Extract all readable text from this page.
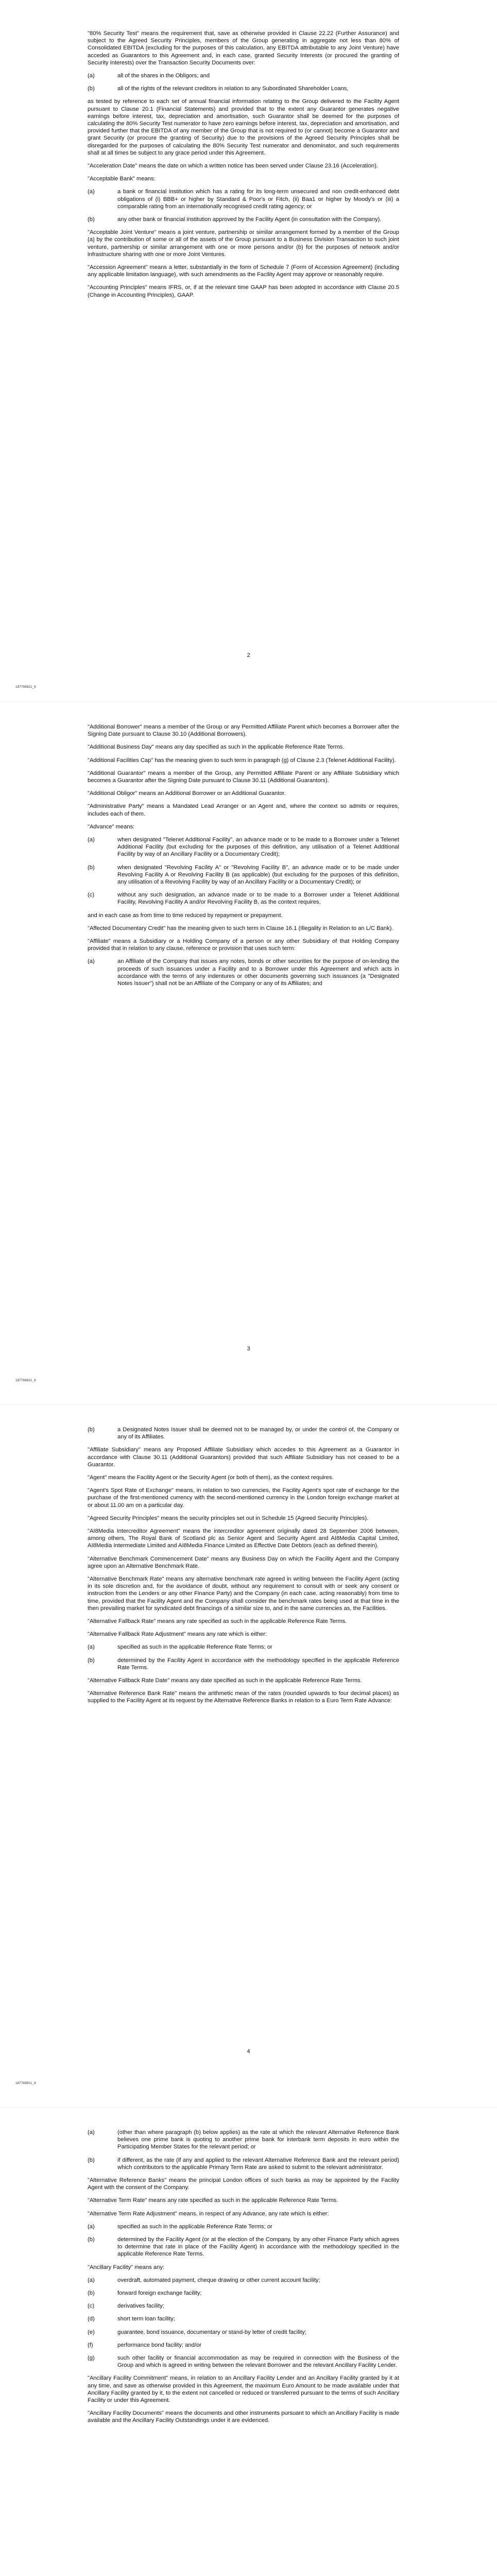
"80% Security Test" means the requirement that, save as otherwise provided in Clause 22.22 (Further Assurance) and subject to the Agreed Security Principles, members of the Group generating in aggregate not less than 80% of Consolidated EBITDA (excluding for the purposes of this calculation, any EBITDA attributable to any Joint Venture) have acceded as Guarantors to this Agreement and, in each case, granted Security Interests (or procured the granting of Security Interests) over the Transaction Security Documents over:

(a)	all of the shares in the Obligors; and
(b)	all of the rights of the relevant creditors in relation to any Subordinated Shareholder Loans,

as tested by reference to each set of annual financial information relating to the Group delivered to the Facility Agent pursuant to Clause 20.1 (Financial Statements) and provided that to the extent any Guarantor generates negative earnings before interest, tax, depreciation and amortisation, such Guarantor shall be deemed for the purposes of calculating the 80% Security Test numerator to have zero earnings before interest, tax, depreciation and amortisation, and provided further that the EBITDA of any member of the Group that is not required to (or cannot) become a Guarantor and grant Security (or procure the granting of Security) due to the provisions of the Agreed Security Principles shall be disregarded for the purposes of calculating the 80% Security Test numerator and denominator, and such requirements shall at all times be subject to any grace period under this Agreement.

"Acceleration Date" means the date on which a written notice has been served under Clause 23.16 (Acceleration).

"Acceptable Bank" means:

(a)	a bank or financial institution which has a rating for its long-term unsecured and non credit-enhanced debt obligations of (i) BBB+ or higher by Standard & Poor's or Fitch, (ii) Baa1 or higher by Moody's or (iii) a comparable rating from an internationally recognised credit rating agency; or
(b)	any other bank or financial institution approved by the Facility Agent (in consultation with the Company).

"Acceptable Joint Venture" means a joint venture, partnership or similar arrangement formed by a member of the Group (a) by the contribution of some or all of the assets of the Group pursuant to a Business Division Transaction to such joint venture, partnership or similar arrangement with one or more persons and/or (b) for the purposes of network and/or infrastructure sharing with one or more Joint Ventures.

"Accession Agreement" means a letter, substantially in the form of Schedule 7 (Form of Accession Agreement) (including any applicable limitation language), with such amendments as the Facility Agent may approve or reasonably require.

"Accounting Principles" means IFRS, or, if at the relevant time GAAP has been adopted in accordance with Clause 20.5 (Change in Accounting Principles), GAAP.

2
187769921_6

"Additional Borrower" means a member of the Group or any Permitted Affiliate Parent which becomes a Borrower after the Signing Date pursuant to Clause 30.10 (Additional Borrowers).

"Additional Business Day" means any day specified as such in the applicable Reference Rate Terms.

"Additional Facilities Cap" has the meaning given to such term in paragraph (g) of Clause 2.3 (Telenet Additional Facility).

"Additional Guarantor" means a member of the Group, any Permitted Affiliate Parent or any Affiliate Subsidiary which becomes a Guarantor after the Signing Date pursuant to Clause 30.11 (Additional Guarantors).

"Additional Obligor" means an Additional Borrower or an Additional Guarantor.

"Administrative Party" means a Mandated Lead Arranger or an Agent and, where the context so admits or requires, includes each of them.

"Advance" means:

(a)	when designated "Telenet Additional Facility", an advance made or to be made to a Borrower under a Telenet Additional Facility (but excluding for the purposes of this definition, any utilisation of a Telenet Additional Facility by way of an Ancillary Facility or a Documentary Credit);
(b)	when designated "Revolving Facility A" or "Revolving Facility B", an advance made or to be made under Revolving Facility A or Revolving Facility B (as applicable) (but excluding for the purposes of this definition, any utilisation of a Revolving Facility by way of an Ancillary Facility or a Documentary Credit); or
(c)	without any such designation, an advance made or to be made to a Borrower under a Telenet Additional Facility, Revolving Facility A and/or Revolving Facility B, as the context requires,

and in each case as from time to time reduced by repayment or prepayment.

"Affected Documentary Credit" has the meaning given to such term in Clause 16.1 (Illegality in Relation to an L/C Bank).

"Affiliate" means a Subsidiary or a Holding Company of a person or any other Subsidiary of that Holding Company provided that in relation to any clause, reference or provision that uses such term:

(a)	an Affiliate of the Company that issues any notes, bonds or other securities for the purpose of on-lending the proceeds of such issuances under a Facility and to a Borrower under this Agreement and which acts in accordance with the terms of any indentures or other documents governing such issuances (a "Designated Notes Issuer") shall not be an Affiliate of the Company or any of its Affiliates; and
3
187769921_6
(b)	a Designated Notes Issuer shall be deemed not to be managed by, or under the control of, the Company or any of its Affiliates.

"Affiliate Subsidiary" means any Proposed Affiliate Subsidiary which accedes to this Agreement as a Guarantor in accordance with Clause 30.11 (Additional Guarantors) provided that such Affiliate Subsidiary has not ceased to be a Guarantor.

"Agent" means the Facility Agent or the Security Agent (or both of them), as the context requires.

"Agent's Spot Rate of Exchange" means, in relation to two currencies, the Facility Agent's spot rate of exchange for the purchase of the first-mentioned currency with the second-mentioned currency in the London foreign exchange market at or about 11.00 am on a particular day.

"Agreed Security Principles" means the security principles set out in Schedule 15 (Agreed Security Principles).

"AI8Media Intercreditor Agreement" means the intercreditor agreement originally dated 28 September 2006 between, among others, The Royal Bank of Scotland plc as Senior Agent and Security Agent and AI8Media Capital Limited, AI8Media Intermediate Limited and AI8Media Finance Limited as Effective Date Debtors (each as defined therein).

"Alternative Benchmark Commencement Date" means any Business Day on which the Facility Agent and the Company agree upon an Alternative Benchmark Rate.

"Alternative Benchmark Rate" means any alternative benchmark rate agreed in writing between the Facility Agent (acting in its sole discretion and, for the avoidance of doubt, without any requirement to consult with or seek any consent or instruction from the Lenders or any other Finance Party) and the Company (in each case, acting reasonably) from time to time, provided that the Facility Agent and the Company shall consider the benchmark rates being used at that time in the then prevailing market for syndicated debt financings of a similar size to, and in the same currencies as, the Facilities.

"Alternative Fallback Rate" means any rate specified as such in the applicable Reference Rate Terms.

"Alternative Fallback Rate Adjustment" means any rate which is either:

(a)	specified as such in the applicable Reference Rate Terms; or
(b)	determined by the Facility Agent in accordance with the methodology specified in the applicable Reference Rate Terms.

"Alternative Fallback Rate Date" means any date specified as such in the applicable Reference Rate Terms.

"Alternative Reference Bank Rate" means the arithmetic mean of the rates (rounded upwards to four decimal places) as supplied to the Facility Agent at its request by the Alternative Reference Banks in relation to a Euro Term Rate Advance:

4
187769921_6
(a)	(other than where paragraph (b) below applies) as the rate at which the relevant Alternative Reference Bank believes one prime bank is quoting to another prime bank for interbank term deposits in euro within the Participating Member States for the relevant period; or
(b)	if different, as the rate (if any and applied to the relevant Alternative Reference Bank and the relevant period) which contributors to the applicable Primary Term Rate are asked to submit to the relevant administrator.

"Alternative Reference Banks" means the principal London offices of such banks as may be appointed by the Facility Agent with the consent of the Company.

"Alternative Term Rate" means any rate specified as such in the applicable Reference Rate Terms.

"Alternative Term Rate Adjustment" means, in respect of any Advance, any rate which is either:

(a)	specified as such in the applicable Reference Rate Terms; or
(b)	determined by the Facility Agent (or at the election of the Company, by any other Finance Party which agrees to determine that rate in place of the Facility Agent) in accordance with the methodology specified in the applicable Reference Rate Terms.

"Ancillary Facility" means any:

(a)	overdraft, automated payment, cheque drawing or other current account facility;
(b)	forward foreign exchange facility;
(c)	derivatives facility;
(d)	short term loan facility;
(e)	guarantee, bond issuance, documentary or stand-by letter of credit facility;
(f)	performance bond facility; and/or
(g)	such other facility or financial accommodation as may be required in connection with the Business of the Group and which is agreed in writing between the relevant Borrower and the relevant Ancillary Facility Lender.

"Ancillary Facility Commitment" means, in relation to an Ancillary Facility Lender and an Ancillary Facility granted by it at any time, and save as otherwise provided in this Agreement, the maximum Euro Amount to be made available under that Ancillary Facility granted by it, to the extent not cancelled or reduced or transferred pursuant to the terms of such Ancillary Facility or under this Agreement.

"Ancillary Facility Documents" means the documents and other instruments pursuant to which an Ancillary Facility is made available and the Ancillary Facility Outstandings under it are evidenced.
